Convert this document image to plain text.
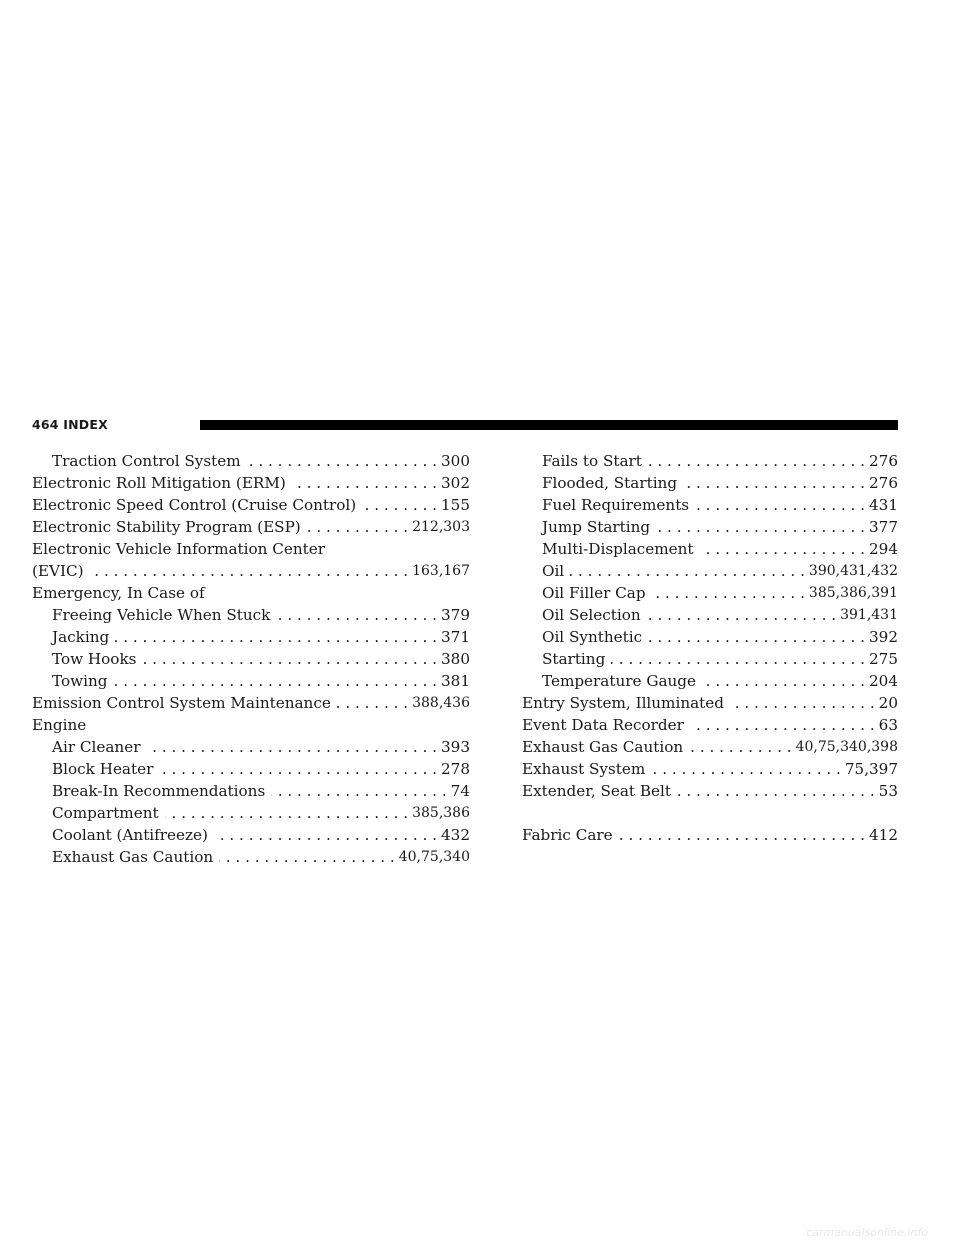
464 INDEX
Traction Control System . . .	300
Electronic Roll Mitigation (ERM) . . .	302
Electronic Speed Control (Cruise Control) . . .	155
Electronic Stability Program (ESP) . . .	212,303
Electronic Vehicle Information Center
(EVIC) . . .	163,167
Emergency, In Case of
Freeing Vehicle When Stuck . . .	379
Jacking . . .	371
Tow Hooks . . .	380
Towing . . .	381
Emission Control System Maintenance . . .	388,436
Engine
Air Cleaner . . .	393
Block Heater . . .	278
Break-In Recommendations . . .	74
Compartment . . .	385,386
Coolant (Antifreeze) . . .	432
Exhaust Gas Caution . . .	40,75,340
Fails to Start . . .	276
Flooded, Starting . . .	276
Fuel Requirements . . .	431
Jump Starting . . .	377
Multi-Displacement . . .	294
Oil . . .	390,431,432
Oil Filler Cap . . .	385,386,391
Oil Selection . . .	391,431
Oil Synthetic . . .	392
Starting . . .	275
Temperature Gauge . . .	204
Entry System, Illuminated . . .	20
Event Data Recorder . . .	63
Exhaust Gas Caution . . .	40,75,340,398
Exhaust System . . .	75,397
Extender, Seat Belt . . .	53
Fabric Care . . .	412
carmanualsonline.info
